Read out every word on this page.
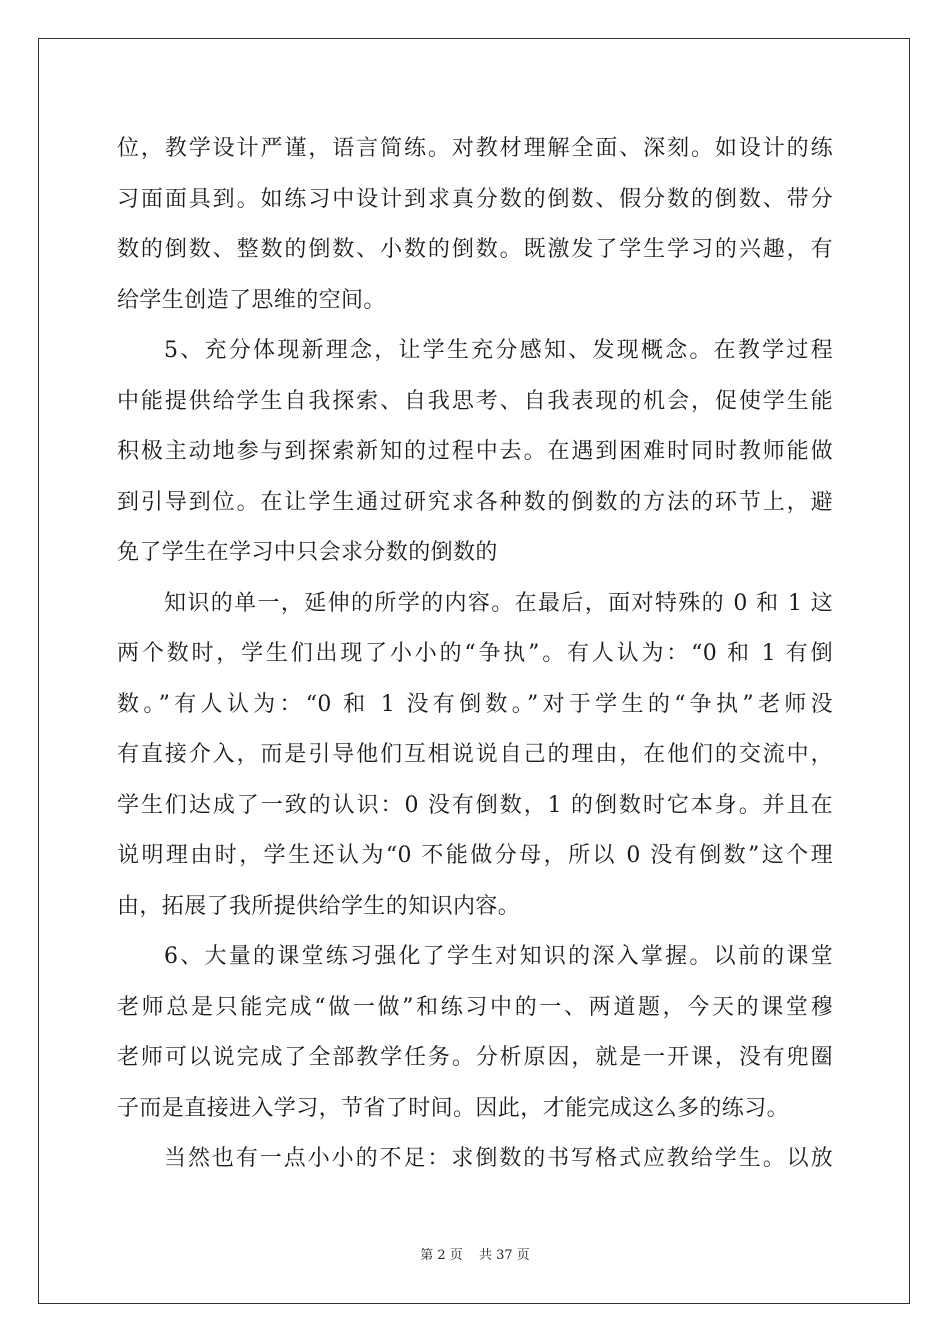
位，教学设计严谨，语言简练。对教材理解全面、深刻。如设计的练
习面面具到。如练习中设计到求真分数的倒数、假分数的倒数、带分
数的倒数、整数的倒数、小数的倒数。既激发了学生学习的兴趣，有
给学生创造了思维的空间。
5、充分体现新理念，让学生充分感知、发现概念。在教学过程
中能提供给学生自我探索、自我思考、自我表现的机会，促使学生能
积极主动地参与到探索新知的过程中去。在遇到困难时同时教师能做
到引导到位。在让学生通过研究求各种数的倒数的方法的环节上，避
免了学生在学习中只会求分数的倒数的
知识的单一，延伸的所学的内容。在最后，面对特殊的 0 和 1 这
两个数时，学生们出现了小小的“争执”。有人认为：“0 和 1 有倒
数。”有人认为：“0 和 1 没有倒数。”对于学生的“争执”老师没
有直接介入，而是引导他们互相说说自己的理由，在他们的交流中，
学生们达成了一致的认识：0 没有倒数，1 的倒数时它本身。并且在
说明理由时，学生还认为“0 不能做分母，所以 0 没有倒数”这个理
由，拓展了我所提供给学生的知识内容。
6、大量的课堂练习强化了学生对知识的深入掌握。以前的课堂
老师总是只能完成“做一做”和练习中的一、两道题，今天的课堂穆
老师可以说完成了全部教学任务。分析原因，就是一开课，没有兜圈
子而是直接进入学习，节省了时间。因此，才能完成这么多的练习。
当然也有一点小小的不足：求倒数的书写格式应教给学生。以放
第 2 页 共 37 页
